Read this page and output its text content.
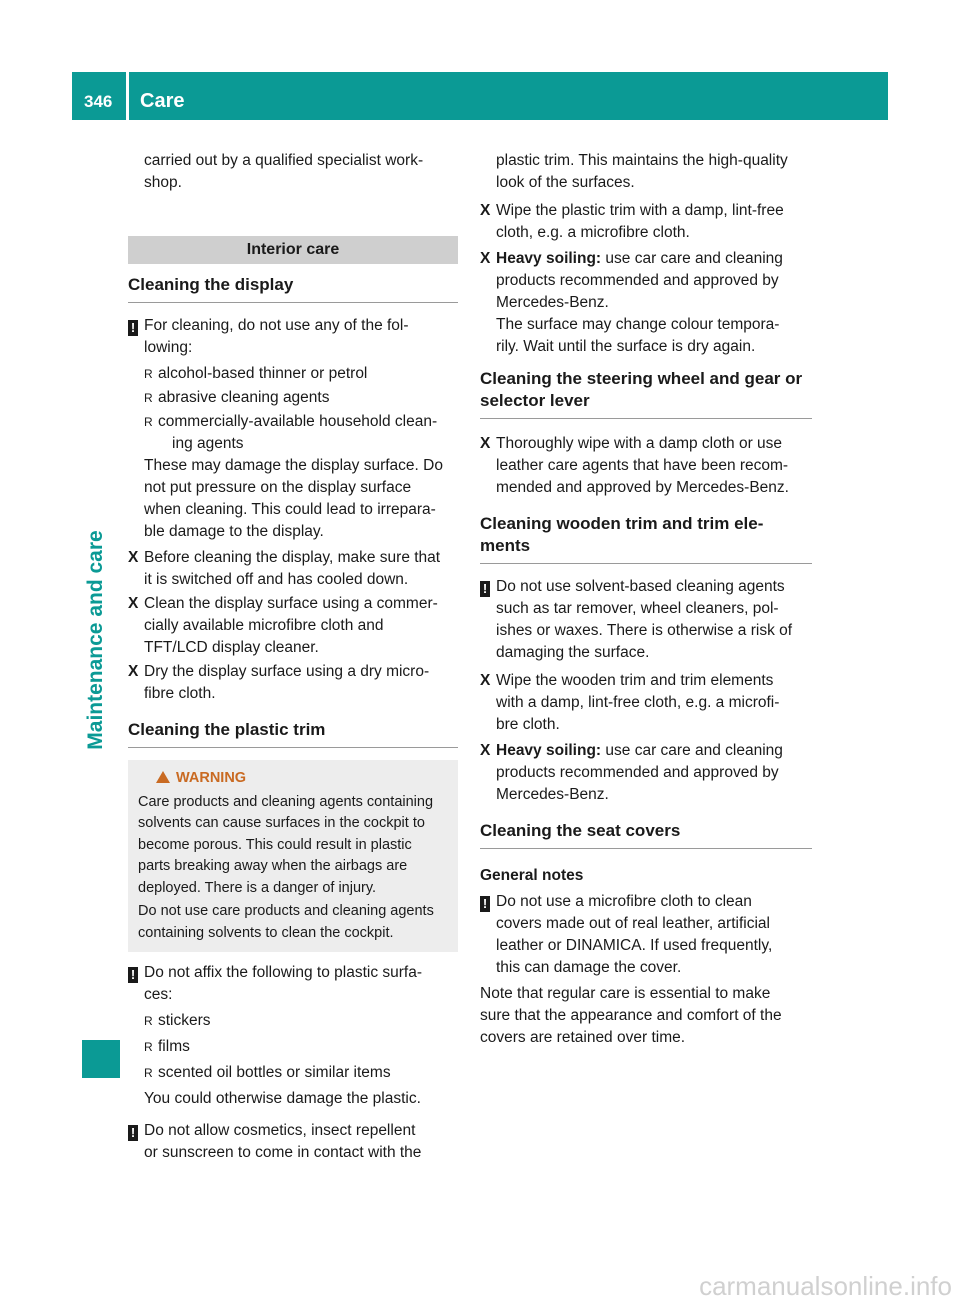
346 Care
Maintenance and care

carried out by a qualified specialist work-

shop.

Interior care

Cleaning the display

! For cleaning, do not use any of the fol-

lowing:

R alcohol-based thinner or petrol
R abrasive cleaning agents
R commercially-available household clean-
ing agents

These may damage the display surface. Do

not put pressure on the display surface

when cleaning. This could lead to irrepara-

ble damage to the display.

X Before cleaning the display, make sure that
it is switched off and has cooled down.
X Clean the display surface using a commer-
cially available microfibre cloth and
TFT/LCD display cleaner.
X Dry the display surface using a dry micro-
fibre cloth.

Cleaning the plastic trim

WARNING
Care products and cleaning agents containing
solvents can cause surfaces in the cockpit to
become porous. This could result in plastic
parts breaking away when the airbags are
deployed. There is a danger of injury.
Do not use care products and cleaning agents
containing solvents to clean the cockpit.

! Do not affix the following to plastic surfa-

ces:

R stickers
R films
R scented oil bottles or similar items

You could otherwise damage the plastic.

! Do not allow cosmetics, insect repellent

or sunscreen to come in contact with the

plastic trim. This maintains the high-quality

look of the surfaces.

X Wipe the plastic trim with a damp, lint-free
cloth, e.g. a microfibre cloth.
X Heavy soiling: use car care and cleaning
products recommended and approved by
Mercedes-Benz.
The surface may change colour tempora-
rily. Wait until the surface is dry again.
Cleaning the steering wheel and gear or
selector lever
X Thoroughly wipe with a damp cloth or use
leather care agents that have been recom-
mended and approved by Mercedes-Benz.
Cleaning wooden trim and trim ele-
ments

! Do not use solvent-based cleaning agents

such as tar remover, wheel cleaners, pol-

ishes or waxes. There is otherwise a risk of

damaging the surface.

X Wipe the wooden trim and trim elements
with a damp, lint-free cloth, e.g. a microfi-
bre cloth.
X Heavy soiling: use car care and cleaning
products recommended and approved by
Mercedes-Benz.

Cleaning the seat covers

General notes

! Do not use a microfibre cloth to clean

covers made out of real leather, artificial

leather or DINAMICA. If used frequently,

this can damage the cover.

Note that regular care is essential to make

sure that the appearance and comfort of the

covers are retained over time.

carmanualsonline.info
